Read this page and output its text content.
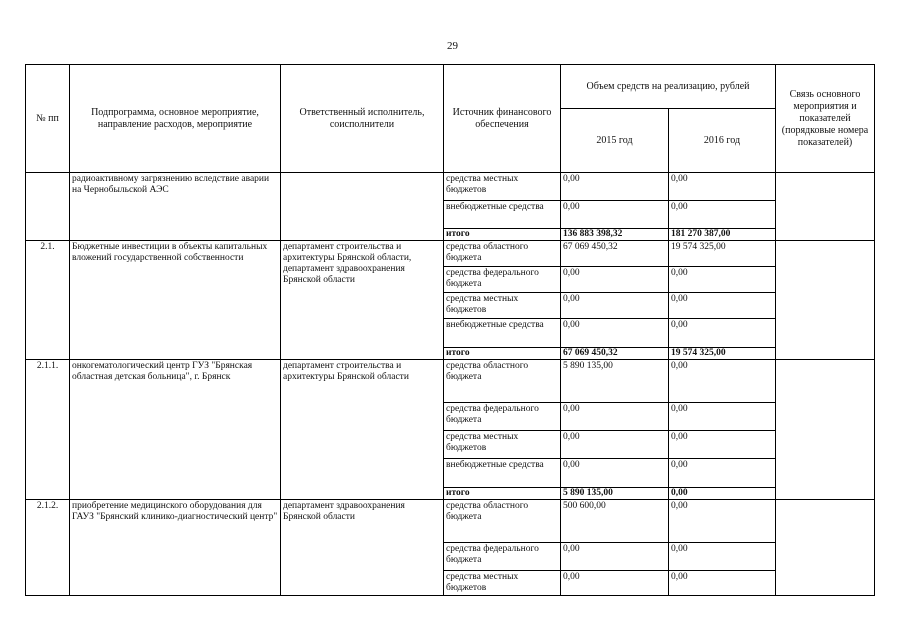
29
№ пп	Подпрограмма, основное мероприятие, направление расходов, мероприятие	Ответственный исполнитель, соисполнители	Источник финансового обеспечения	Объем средств на реализацию, рублей		Связь основного мероприятия и показателей (порядковые номера показателей)
				2015 год	2016 год	
	радиоактивному загрязнению вследствие аварии на Чернобыльской АЭС		средства местных бюджетов	0,00	0,00	
			внебюджетные средства	0,00	0,00	
			итого	136 883 398,32	181 270 387,00	
2.1.	Бюджетные инвестиции в объекты капитальных вложений государственной собственности	департамент строительства и архитектуры Брянской области, департамент здравоохранения Брянской области	средства областного бюджета	67 069 450,32	19 574 325,00	
			средства федерального бюджета	0,00	0,00	
			средства местных бюджетов	0,00	0,00	
			внебюджетные средства	0,00	0,00	
			итого	67 069 450,32	19 574 325,00	
2.1.1.	онкогематологический центр ГУЗ "Брянская областная детская больница", г. Брянск	департамент строительства и архитектуры Брянской области	средства областного бюджета	5 890 135,00	0,00	
			средства федерального бюджета	0,00	0,00	
			средства местных бюджетов	0,00	0,00	
			внебюджетные средства	0,00	0,00	
			итого	5 890 135,00	0,00	
2.1.2.	приобретение медицинского оборудования для ГАУЗ "Брянский клинико-диагностический центр"	департамент здравоохранения Брянской области	средства областного бюджета	500 600,00	0,00	
			средства федерального бюджета	0,00	0,00	
			средства местных бюджетов	0,00	0,00	
